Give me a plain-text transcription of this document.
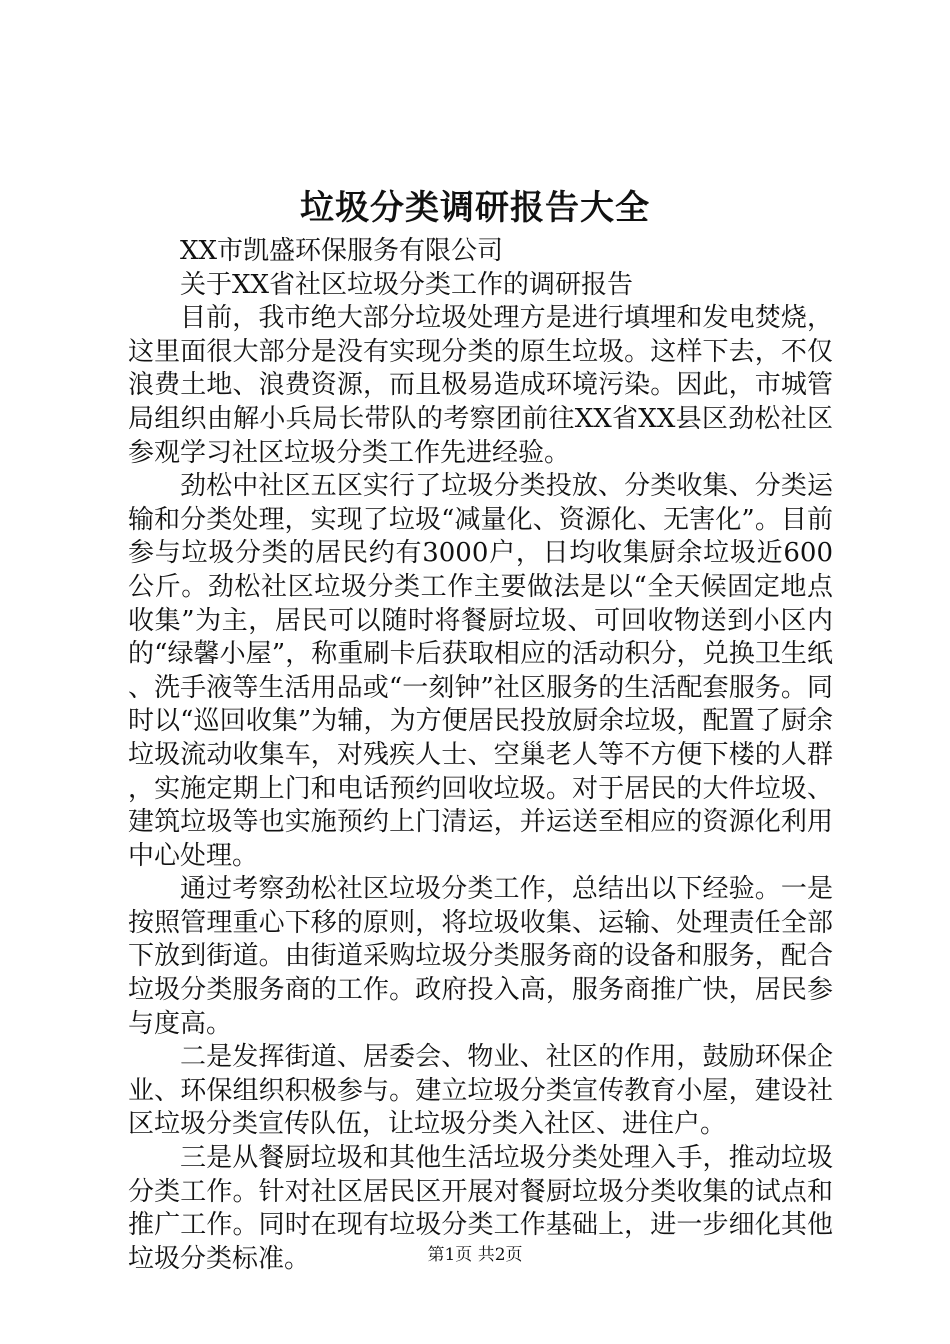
垃圾分类调研报告大全

XX市凯盛环保服务有限公司

关于XX省社区垃圾分类工作的调研报告

目前，我市绝大部分垃圾处理方是进行填埋和发电焚烧，这里面很大部分是没有实现分类的原生垃圾。这样下去，不仅浪费土地、浪费资源，而且极易造成环境污染。因此，市城管局组织由解小兵局长带队的考察团前往XX省XX县区劲松社区参观学习社区垃圾分类工作先进经验。

劲松中社区五区实行了垃圾分类投放、分类收集、分类运输和分类处理，实现了垃圾“减量化、资源化、无害化”。目前参与垃圾分类的居民约有3000户，日均收集厨余垃圾近600公斤。劲松社区垃圾分类工作主要做法是以“全天候固定地点收集”为主，居民可以随时将餐厨垃圾、可回收物送到小区内的“绿馨小屋”，称重刷卡后获取相应的活动积分，兑换卫生纸、洗手液等生活用品或“一刻钟”社区服务的生活配套服务。同时以“巡回收集”为辅，为方便居民投放厨余垃圾，配置了厨余垃圾流动收集车，对残疾人士、空巢老人等不方便下楼的人群，实施定期上门和电话预约回收垃圾。对于居民的大件垃圾、建筑垃圾等也实施预约上门清运，并运送至相应的资源化利用中心处理。

通过考察劲松社区垃圾分类工作，总结出以下经验。一是按照管理重心下移的原则，将垃圾收集、运输、处理责任全部下放到街道。由街道采购垃圾分类服务商的设备和服务，配合垃圾分类服务商的工作。政府投入高，服务商推广快，居民参与度高。

二是发挥街道、居委会、物业、社区的作用，鼓励环保企业、环保组织积极参与。建立垃圾分类宣传教育小屋，建设社区垃圾分类宣传队伍，让垃圾分类入社区、进住户。

三是从餐厨垃圾和其他生活垃圾分类处理入手，推动垃圾分类工作。针对社区居民区开展对餐厨垃圾分类收集的试点和推广工作。同时在现有垃圾分类工作基础上，进一步细化其他垃圾分类标准。	第1页 共2页
